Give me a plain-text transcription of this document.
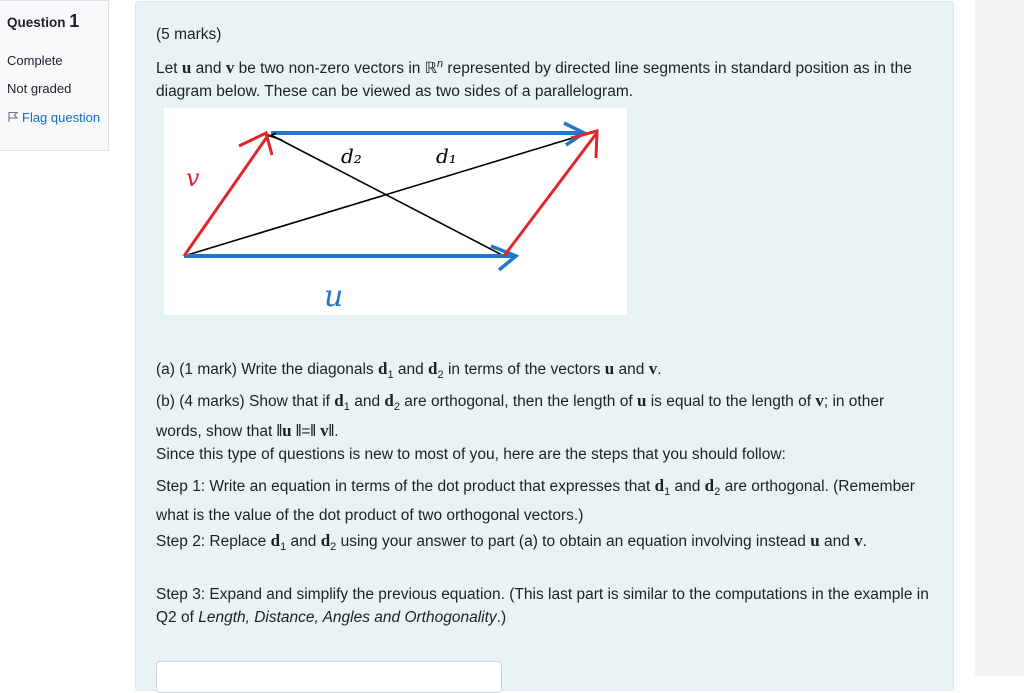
Question 1
Complete
Not graded
Flag question
(5 marks)
Let u and v be two non-zero vectors in ℝ$^n$ represented by directed line segments in standard position as in the diagram below. These can be viewed as two sides of a parallelogram.
v
d₂	d₁
u
(a) (1 mark) Write the diagonals $d_1$ and $d_2$ in terms of the vectors u and v.
(b) (4 marks) Show that if $d_1$ and $d_2$ are orthogonal, then the length of u is equal to the length of v; in other words, show that ‖u ‖=‖ v‖.
Since this type of questions is new to most of you, here are the steps that you should follow:
Step 1: Write an equation in terms of the dot product that expresses that $d_1$ and $d_2$ are orthogonal. (Remember what is the value of the dot product of two orthogonal vectors.)
Step 2: Replace $d_1$ and $d_2$ using your answer to part (a) to obtain an equation involving instead u and v.
Step 3: Expand and simplify the previous equation. (This last part is similar to the computations in the example in Q2 of Length, Distance, Angles and Orthogonality.)
